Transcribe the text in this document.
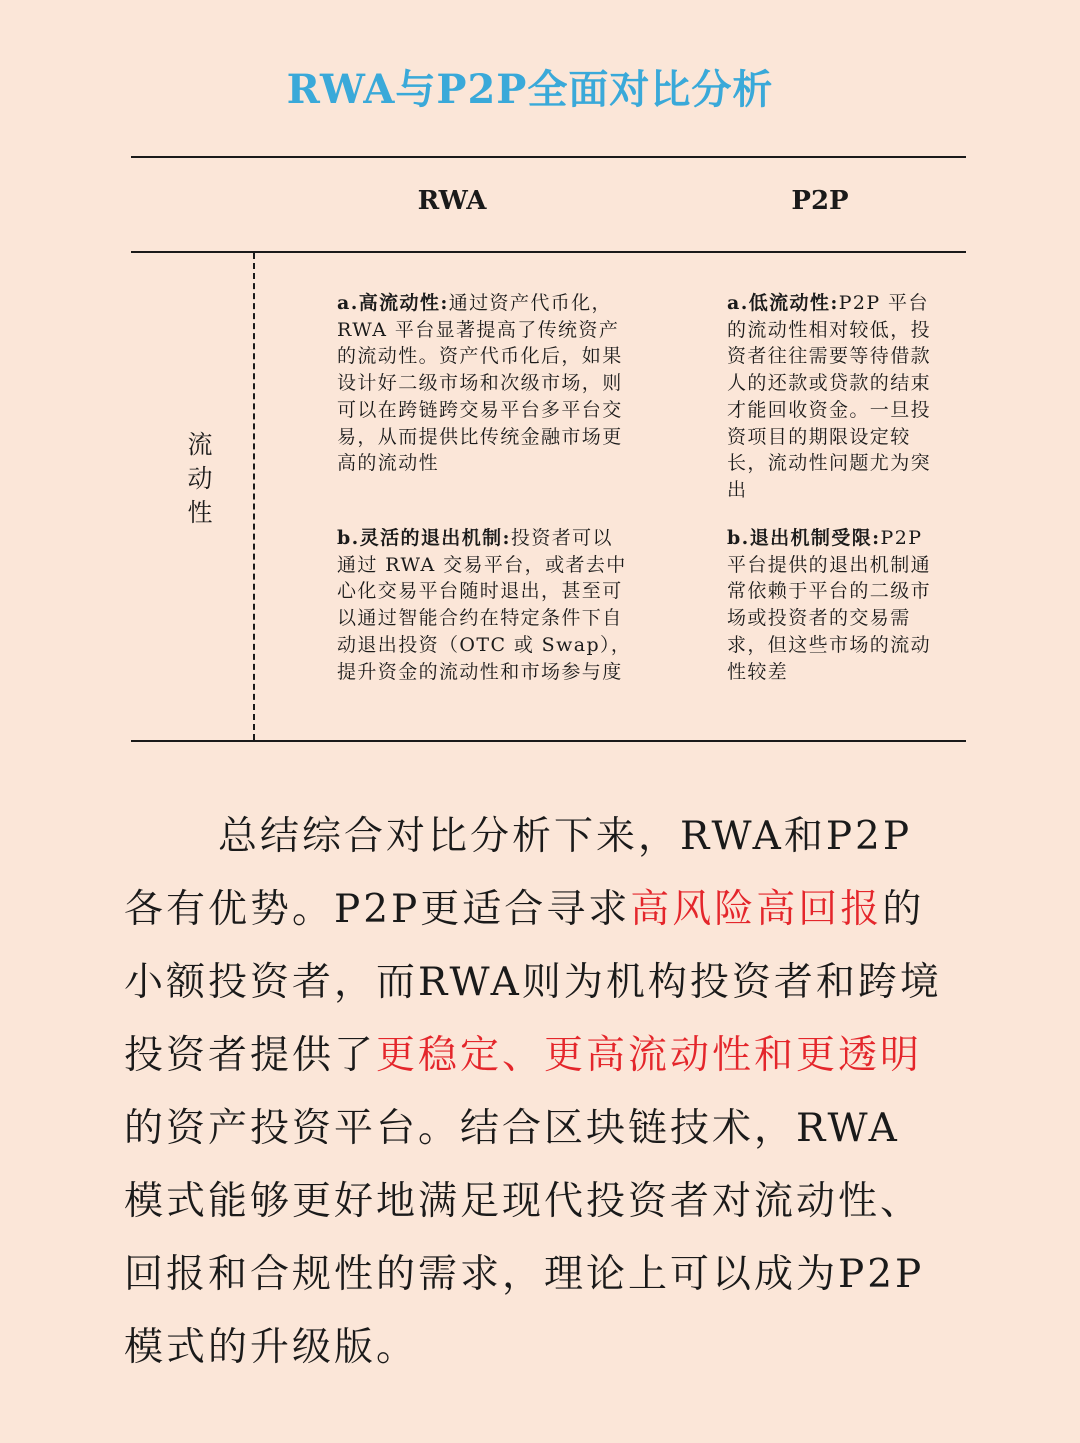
RWA与P2P全面对比分析
RWA	P2P
流
动
性
a.高流动性:通过资产代币化，RWA 平台显著提高了传统资产的流动性。资产代币化后，如果设计好二级市场和次级市场，则可以在跨链跨交易平台多平台交易，从而提供比传统金融市场更高的流动性
b.灵活的退出机制:投资者可以通过 RWA 交易平台，或者去中心化交易平台随时退出，甚至可以通过智能合约在特定条件下自动退出投资（OTC 或 Swap），提升资金的流动性和市场参与度
a.低流动性:P2P 平台的流动性相对较低，投资者往往需要等待借款人的还款或贷款的结束才能回收资金。一旦投资项目的期限设定较长，流动性问题尤为突出
b.退出机制受限:P2P 平台提供的退出机制通常依赖于平台的二级市场或投资者的交易需求，但这些市场的流动性较差
总结综合对比分析下来，RWA和P2P各有优势。P2P更适合寻求高风险高回报的小额投资者，而RWA则为机构投资者和跨境投资者提供了更稳定、更高流动性和更透明的资产投资平台。结合区块链技术，RWA 模式能够更好地满足现代投资者对流动性、回报和合规性的需求，理论上可以成为P2P模式的升级版。
